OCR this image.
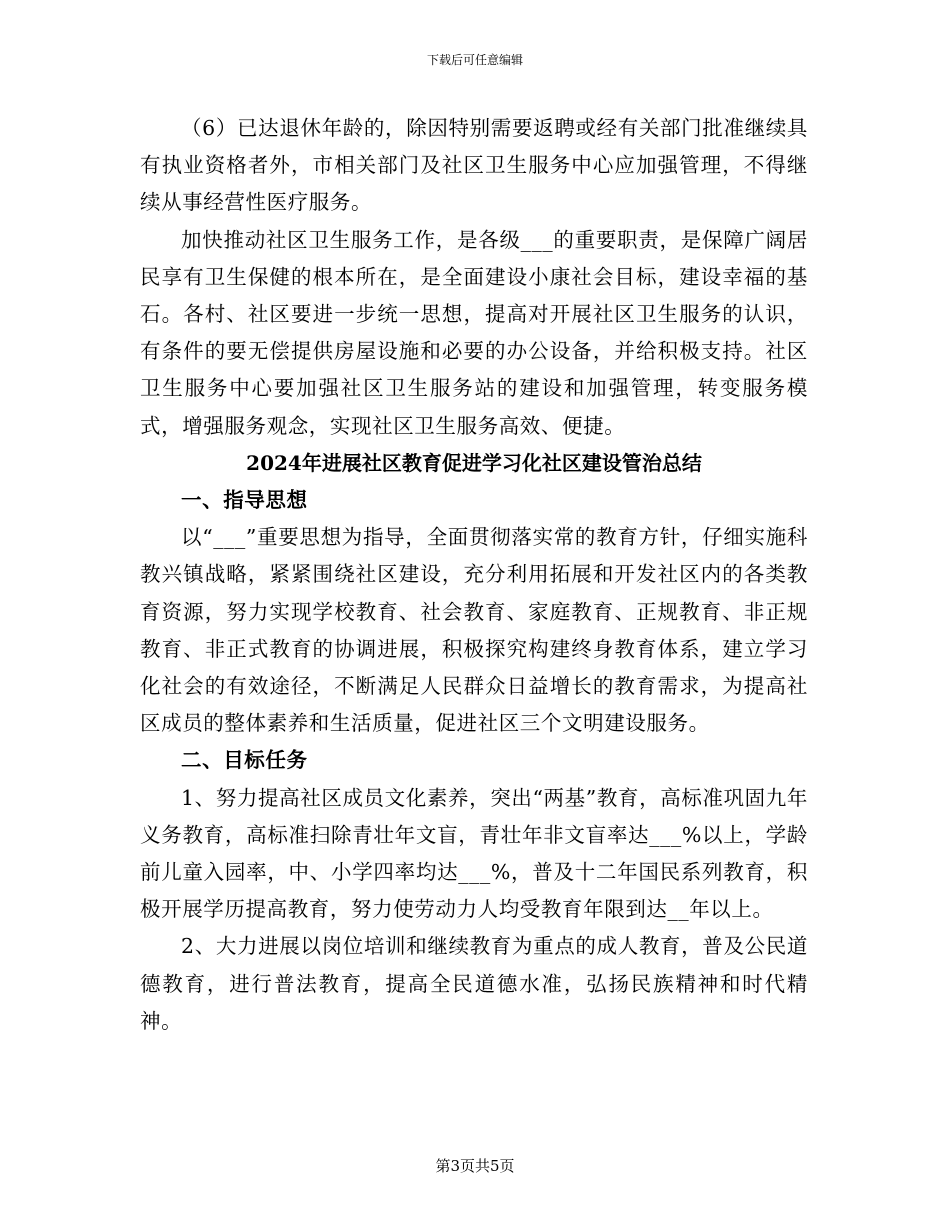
下载后可任意编辑

（6）已达退休年龄的，除因特别需要返聘或经有关部门批准继续具有执业资格者外，市相关部门及社区卫生服务中心应加强管理，不得继续从事经营性医疗服务。

加快推动社区卫生服务工作，是各级___的重要职责，是保障广阔居民享有卫生保健的根本所在，是全面建设小康社会目标，建设幸福的基石。各村、社区要进一步统一思想，提高对开展社区卫生服务的认识，有条件的要无偿提供房屋设施和必要的办公设备，并给积极支持。社区卫生服务中心要加强社区卫生服务站的建设和加强管理，转变服务模式，增强服务观念，实现社区卫生服务高效、便捷。

2024年进展社区教育促进学习化社区建设管治总结

一、指导思想

以“___”重要思想为指导，全面贯彻落实常的教育方针，仔细实施科教兴镇战略，紧紧围绕社区建设，充分利用拓展和开发社区内的各类教育资源，努力实现学校教育、社会教育、家庭教育、正规教育、非正规教育、非正式教育的协调进展，积极探究构建终身教育体系，建立学习化社会的有效途径，不断满足人民群众日益增长的教育需求，为提高社区成员的整体素养和生活质量，促进社区三个文明建设服务。

二、目标任务

1、努力提高社区成员文化素养，突出“两基”教育，高标准巩固九年义务教育，高标准扫除青壮年文盲，青壮年非文盲率达___%以上，学龄前儿童入园率，中、小学四率均达___%，普及十二年国民系列教育，积极开展学历提高教育，努力使劳动力人均受教育年限到达__年以上。

2、大力进展以岗位培训和继续教育为重点的成人教育，普及公民道德教育，进行普法教育，提高全民道德水准，弘扬民族精神和时代精神。

第3页共5页
